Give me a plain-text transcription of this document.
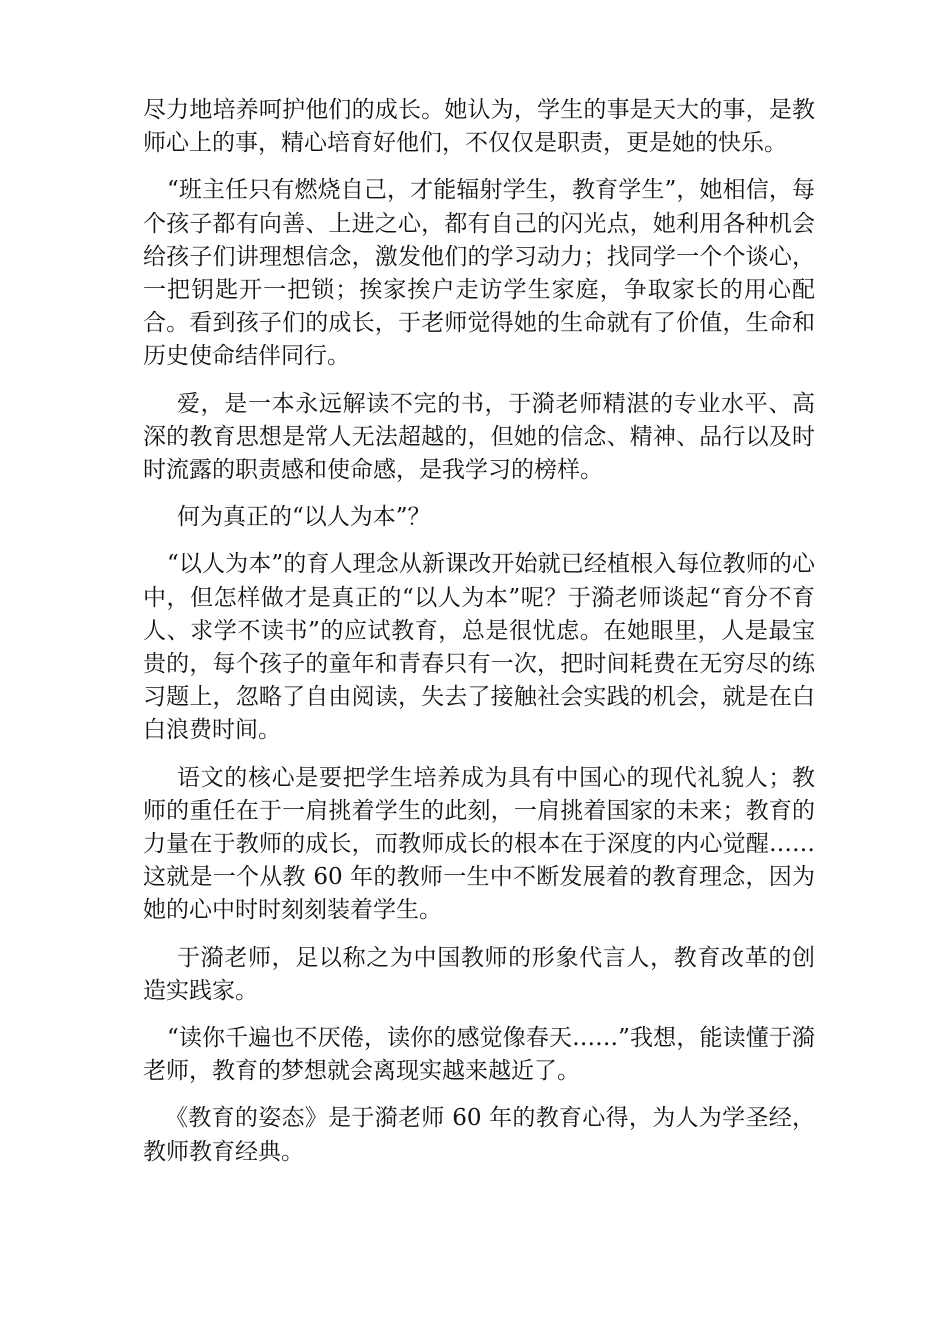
尽力地培养呵护他们的成长。她认为，学生的事是天大的事，是教师心上的事，精心培育好他们，不仅仅是职责，更是她的快乐。

“班主任只有燃烧自己，才能辐射学生，教育学生”，她相信，每个孩子都有向善、上进之心，都有自己的闪光点，她利用各种机会给孩子们讲理想信念，激发他们的学习动力；找同学一个个谈心，一把钥匙开一把锁；挨家挨户走访学生家庭，争取家长的用心配合。看到孩子们的成长，于老师觉得她的生命就有了价值，生命和历史使命结伴同行。

爱，是一本永远解读不完的书，于漪老师精湛的专业水平、高深的教育思想是常人无法超越的，但她的信念、精神、品行以及时时流露的职责感和使命感，是我学习的榜样。

何为真正的“以人为本”？

“以人为本”的育人理念从新课改开始就已经植根入每位教师的心中，但怎样做才是真正的“以人为本”呢？于漪老师谈起“育分不育人、求学不读书”的应试教育，总是很忧虑。在她眼里，人是最宝贵的，每个孩子的童年和青春只有一次，把时间耗费在无穷尽的练习题上，忽略了自由阅读，失去了接触社会实践的机会，就是在白白浪费时间。

语文的核心是要把学生培养成为具有中国心的现代礼貌人；教师的重任在于一肩挑着学生的此刻，一肩挑着国家的未来；教育的力量在于教师的成长，而教师成长的根本在于深度的内心觉醒……这就是一个从教 60 年的教师一生中不断发展着的教育理念，因为她的心中时时刻刻装着学生。

于漪老师，足以称之为中国教师的形象代言人，教育改革的创造实践家。

“读你千遍也不厌倦，读你的感觉像春天……”我想，能读懂于漪老师，教育的梦想就会离现实越来越近了。

《教育的姿态》是于漪老师 60 年的教育心得，为人为学圣经，教师教育经典。
